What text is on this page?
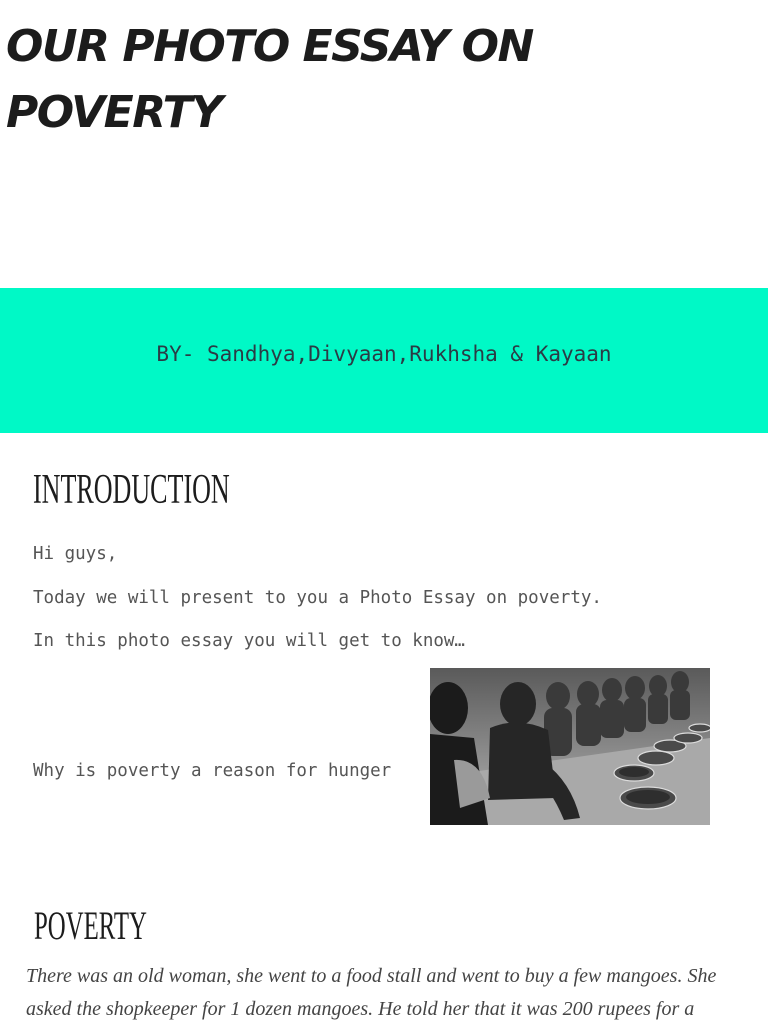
OUR PHOTO ESSAY ON POVERTY
BY- Sandhya,Divyaan,Rukhsha & Kayaan
INTRODUCTION

Hi guys,

Today we will present to you a Photo Essay on poverty.

In this photo essay you will get to know…

Why is poverty a reason for hunger

POVERTY

There was an old woman, she went to a food stall and went to buy a few mangoes. She asked the shopkeeper for 1 dozen mangoes. He told her that it was 200 rupees for a
